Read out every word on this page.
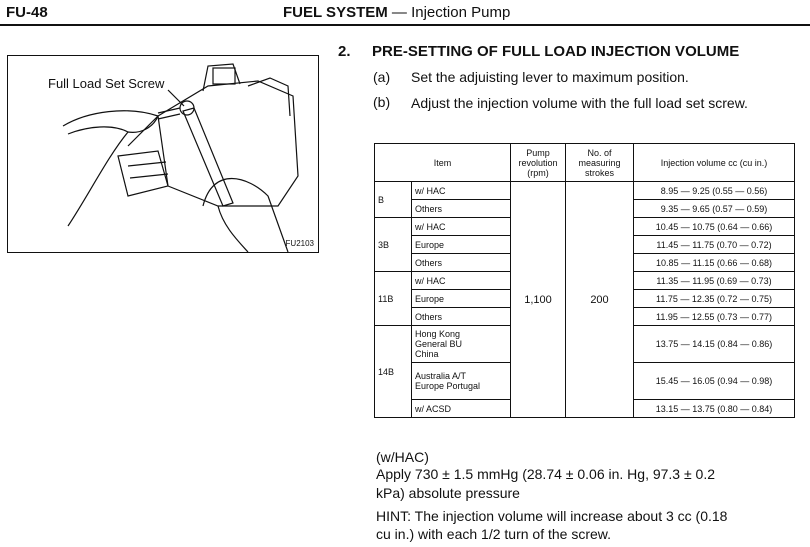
FU-48	FUEL SYSTEM — Injection Pump
Full Load Set Screw
FU2103
2. PRE-SETTING OF FULL LOAD INJECTION VOLUME
(a) Set the adjuisting lever to maximum position.
(b) Adjust the injection volume with the full load set screw.
Item		Pump revolution (rpm)	No. of measuring strokes	Injection volume cc (cu in.)
B	w/ HAC	1,100	200	8.95 — 9.25 (0.55 — 0.56)
	Others			9.35 — 9.65 (0.57 — 0.59)
3B	w/ HAC			10.45 — 10.75 (0.64 — 0.66)
	Europe			11.45 — 11.75 (0.70 — 0.72)
	Others			10.85 — 11.15 (0.66 — 0.68)
11B	w/ HAC			11.35 — 11.95 (0.69 — 0.73)
	Europe			11.75 — 12.35 (0.72 — 0.75)
	Others			11.95 — 12.55 (0.73 — 0.77)
14B	Hong Kong General BU China			13.75 — 14.15 (0.84 — 0.86)
	Australia A/T Europe Portugal			15.45 — 16.05 (0.94 — 0.98)
	w/ ACSD			13.15 — 13.75 (0.80 — 0.84)
(w/HAC)
Apply 730 ± 1.5 mmHg (28.74 ± 0.06 in. Hg, 97.3 ± 0.2
kPa) absolute pressure
HINT: The injection volume will increase about 3 cc (0.18
cu in.) with each 1/2 turn of the screw.
